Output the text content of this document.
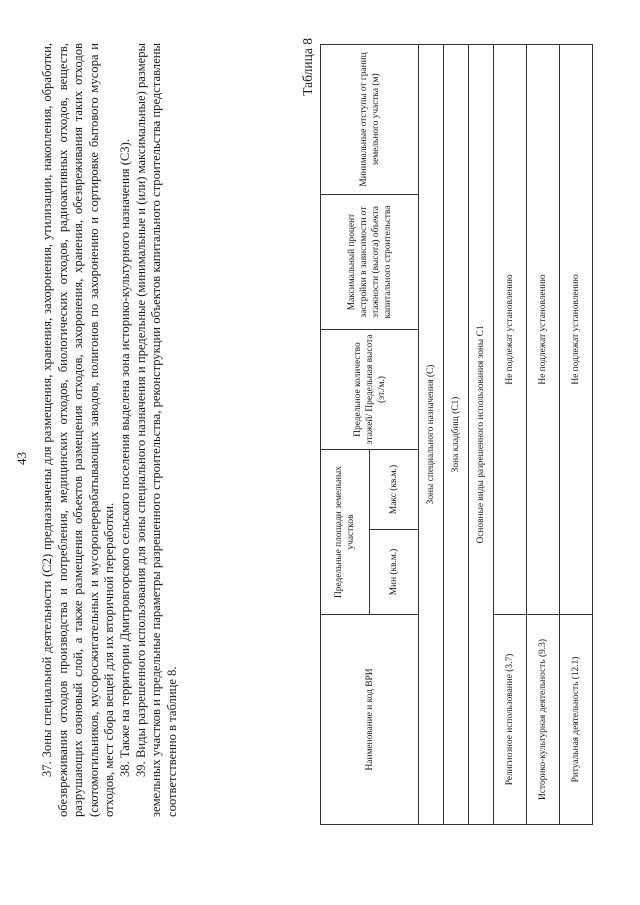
43 37. Зоны специальной деятельности (С2) предназначены для размещения, хранения, захоронения, утилизации, накопления, обработки, обезвреживания отходов производства и потребления, медицинских отходов, биологических отходов, радиоактивных отходов, веществ, разрушающих озоновый слой, а также размещения объектов размещения отходов, захоронения, хранения, обезвреживания таких отходов (скотомогильников, мусоросжигательных и мусороперерабатывающих заводов, полигонов по захоронению и сортировке бытового мусора и отходов, мест сбора вещей для их вторичной переработки. 38. Также на территории Дмитровгорского сельского поселения выделена зона историко-культурного назначения (С3). 39. Виды разрешенного использования для зоны специального назначения и предельные (минимальные и (или) максимальные) размеры земельных участков и предельные параметры разрешенного строительства, реконструкции объектов капитального строительства представлены соответственно в таблице 8.

Таблица 8
Наименование и код ВРИ	Предельные площади земельных участков		Предельное количество этажей/ Предельная высота (эт./м.)	Максимальный процент застройки в зависимости от этажности (высота) объекта капитального строительства	Минимальные отступы от границ земельного участка (м)
	Мин (кв.м.)	Макс (кв.м.)			
Зоны специального назначения (С)					
Зона кладбищ (С1)					
Основные виды разрешенного использования зоны С1					
Религиозное использование (3.7)	Не подлежат установлению				
Историко-культурная деятельность (9.3)	Не подлежат установлению				
Ритуальная деятельность (12.1)	Не подлежат установлению				
